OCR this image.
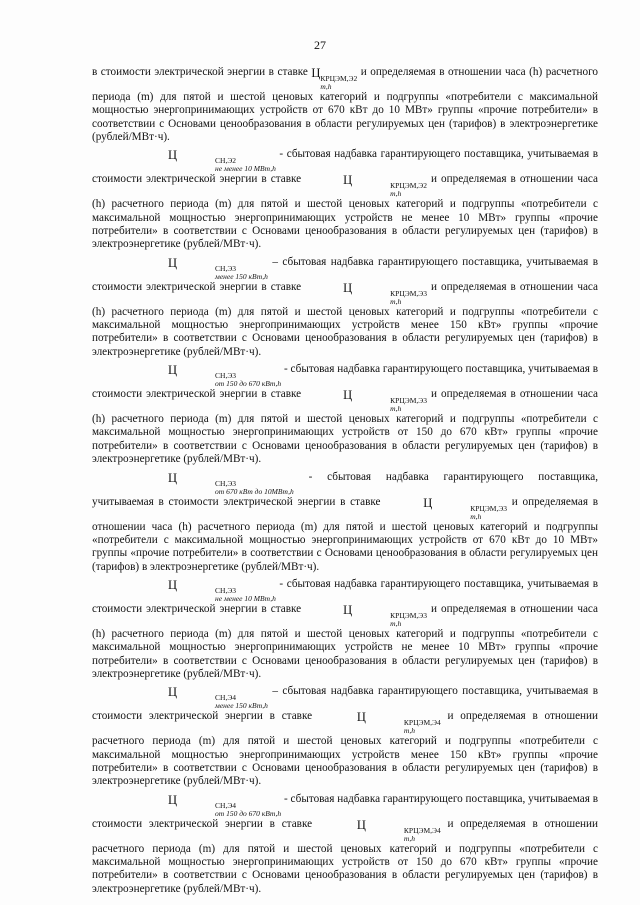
27

в стоимости электрической энергии в ставке Ц КРЦЭМ,Э2
m,h
и определяемая в отношении часа (h) расчетного периода (m) для пятой и шестой ценовых категорий и подгруппы «потребители с максимальной мощностью энергопринимающих устройств от 670 кВт до 10 МВт» группы «прочие потребители» в соответствии с Основами ценообразования в области регулируемых цен (тарифов) в электроэнергетике (рублей/МВт·ч).

Ц	СН,Э2
не менее 10 МВт,h
- сбытовая надбавка гарантирующего поставщика, учитываемая в стоимости электрической энергии в ставке	Ц	КРЦЭМ,Э2
m,h
и определяемая в отношении часа (h) расчетного периода (m) для пятой и шестой ценовых категорий и подгруппы «потребители с максимальной мощностью энергопринимающих устройств не менее 10 МВт» группы «прочие потребители» в соответствии с Основами ценообразования в области регулируемых цен (тарифов) в электроэнергетике (рублей/МВт·ч).

Ц	СН,Э3
менее 150 кВт,h
– сбытовая надбавка гарантирующего поставщика, учитываемая в стоимости электрической энергии в ставке	Ц	КРЦЭМ,Э3
m,h
и определяемая в отношении часа (h) расчетного периода (m) для пятой и шестой ценовых категорий и подгруппы «потребители с максимальной мощностью энергопринимающих устройств менее 150 кВт» группы «прочие потребители» в соответствии с Основами ценообразования в области регулируемых цен (тарифов) в электроэнергетике (рублей/МВт·ч).

Ц	СН,Э3
от 150 до 670 кВт,h
- сбытовая надбавка гарантирующего поставщика, учитываемая в стоимости электрической энергии в ставке	Ц	КРЦЭМ,Э3
m,h
и определяемая в отношении часа (h) расчетного периода (m) для пятой и шестой ценовых категорий и подгруппы «потребители с максимальной мощностью энергопринимающих устройств от 150 до 670 кВт» группы «прочие потребители» в соответствии с Основами ценообразования в области регулируемых цен (тарифов) в электроэнергетике (рублей/МВт·ч).

Ц	СН,Э3
от 670 кВт до 10МВт,h
- сбытовая надбавка гарантирующего поставщика, учитываемая в стоимости электрической энергии в ставке	Ц	КРЦЭМ,Э3
m,h
и определяемая в отношении часа (h) расчетного периода (m) для пятой и шестой ценовых категорий и подгруппы «потребители с максимальной мощностью энергопринимающих устройств от 670 кВт до 10 МВт» группы «прочие потребители» в соответствии с Основами ценообразования в области регулируемых цен (тарифов) в электроэнергетике (рублей/МВт·ч).

Ц	СН,Э3
не менее 10 МВт,h
- сбытовая надбавка гарантирующего поставщика, учитываемая в стоимости электрической энергии в ставке	Ц	КРЦЭМ,Э3
m,h
и определяемая в отношении часа (h) расчетного периода (m) для пятой и шестой ценовых категорий и подгруппы «потребители с максимальной мощностью энергопринимающих устройств не менее 10 МВт» группы «прочие потребители» в соответствии с Основами ценообразования в области регулируемых цен (тарифов) в электроэнергетике (рублей/МВт·ч).

Ц	СН,Э4
менее 150 кВт,h
– сбытовая надбавка гарантирующего поставщика, учитываемая в стоимости электрической энергии в ставке	Ц	КРЦЭМ,Э4
m,h
и определяемая в отношении расчетного периода (m) для пятой и шестой ценовых категорий и подгруппы «потребители с максимальной мощностью энергопринимающих устройств менее 150 кВт» группы «прочие потребители» в соответствии с Основами ценообразования в области регулируемых цен (тарифов) в электроэнергетике (рублей/МВт·ч).

Ц	СН,Э4
от 150 до 670 кВт,h
- сбытовая надбавка гарантирующего поставщика, учитываемая в стоимости электрической энергии в ставке	Ц	КРЦЭМ,Э4
m,h
и определяемая в отношении расчетного периода (m) для пятой и шестой ценовых категорий и подгруппы «потребители с максимальной мощностью энергопринимающих устройств от 150 до 670 кВт» группы «прочие потребители» в соответствии с Основами ценообразования в области регулируемых цен (тарифов) в электроэнергетике (рублей/МВт·ч).
